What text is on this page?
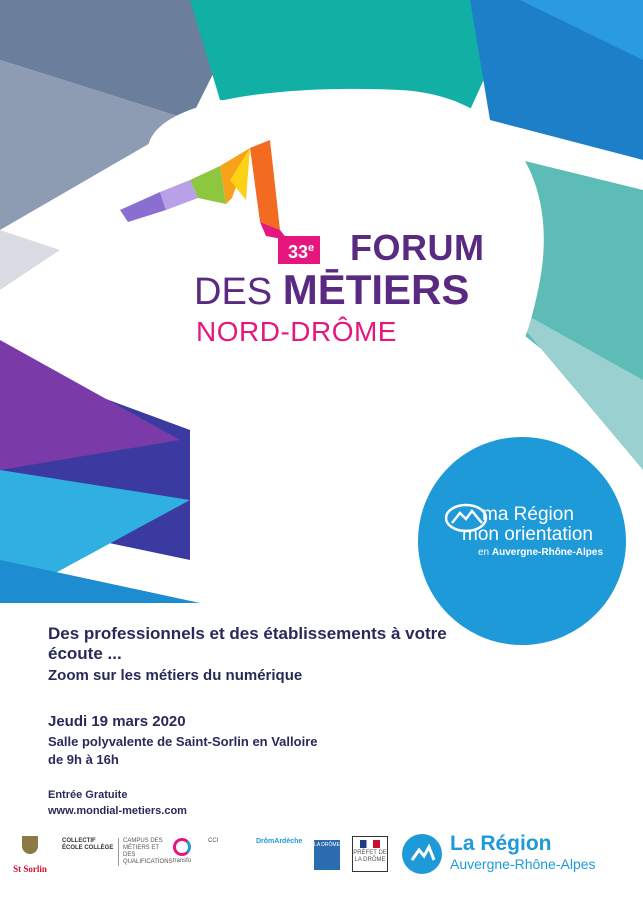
33e FORUM
DES MĒTIERS
NORD-DRÔME
ma Région
mon orientation
en Auvergne-Rhône-Alpes
Des professionnels et des établissements à votre écoute ...
Zoom sur les métiers du numérique
Jeudi 19 mars 2020
Salle polyvalente de Saint-Sorlin en Valloire
de 9h à 16h
Entrée Gratuite
www.mondial-metiers.com
St Sorlin
COLLECTIF ÉCOLE COLLÈGE
CAMPUS DES MÉTIERS ET DES QUALIFICATIONS transfo
CCI	DrômArdèche LA DRÔME
PRÉFET DE LA DRÔME
La Région
Auvergne-Rhône-Alpes
